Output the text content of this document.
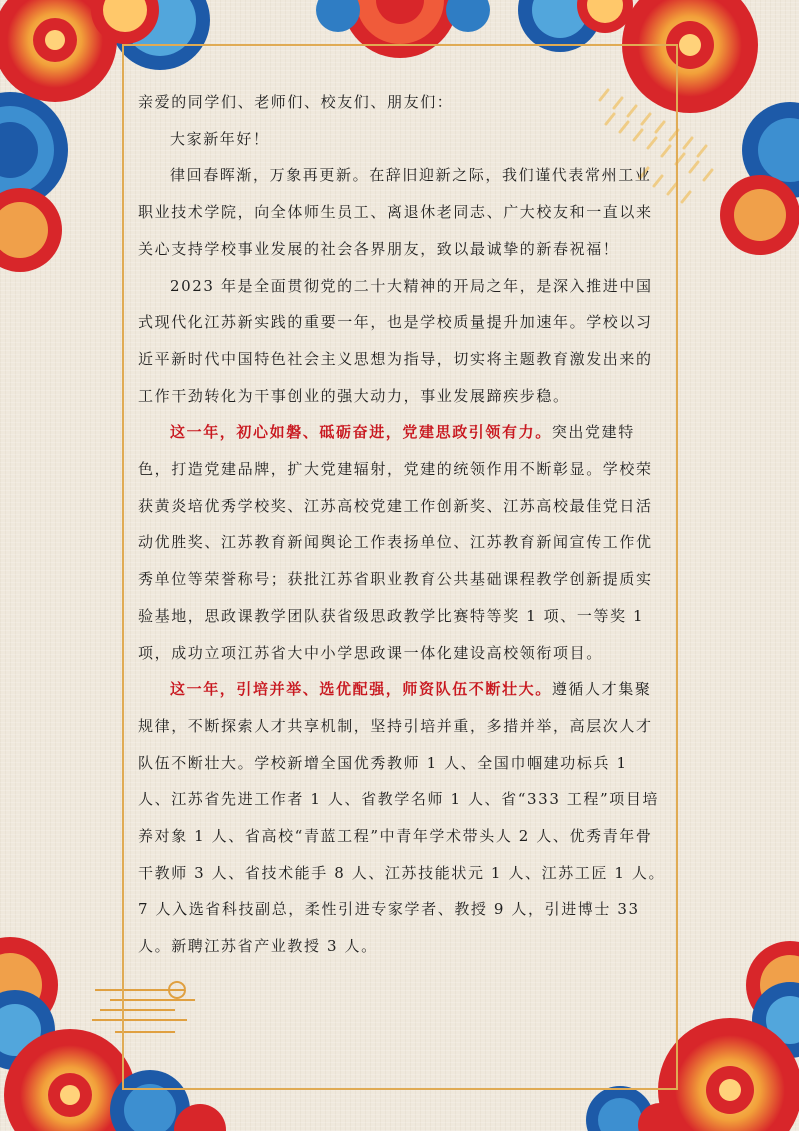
亲爱的同学们、老师们、校友们、朋友们：

大家新年好！

律回春晖渐，万象再更新。在辞旧迎新之际，我们谨代表常州工业职业技术学院，向全体师生员工、离退休老同志、广大校友和一直以来关心支持学校事业发展的社会各界朋友，致以最诚挚的新春祝福！

2023 年是全面贯彻党的二十大精神的开局之年，是深入推进中国式现代化江苏新实践的重要一年，也是学校质量提升加速年。学校以习近平新时代中国特色社会主义思想为指导，切实将主题教育激发出来的工作干劲转化为干事创业的强大动力，事业发展蹄疾步稳。

这一年，初心如磐、砥砺奋进，党建思政引领有力。突出党建特色，打造党建品牌，扩大党建辐射，党建的统领作用不断彰显。学校荣获黄炎培优秀学校奖、江苏高校党建工作创新奖、江苏高校最佳党日活动优胜奖、江苏教育新闻舆论工作表扬单位、江苏教育新闻宣传工作优秀单位等荣誉称号；获批江苏省职业教育公共基础课程教学创新提质实验基地，思政课教学团队获省级思政教学比赛特等奖 1 项、一等奖 1 项，成功立项江苏省大中小学思政课一体化建设高校领衔项目。

这一年，引培并举、选优配强，师资队伍不断壮大。遵循人才集聚规律，不断探索人才共享机制，坚持引培并重，多措并举，高层次人才队伍不断壮大。学校新增全国优秀教师 1 人、全国巾帼建功标兵 1 人、江苏省先进工作者 1 人、省教学名师 1 人、省“333 工程”项目培养对象 1 人、省高校“青蓝工程”中青年学术带头人 2 人、优秀青年骨干教师 3 人、省技术能手 8 人、江苏技能状元 1 人、江苏工匠 1 人。7 人入选省科技副总，柔性引进专家学者、教授 9 人，引进博士 33 人。新聘江苏省产业教授 3 人。
